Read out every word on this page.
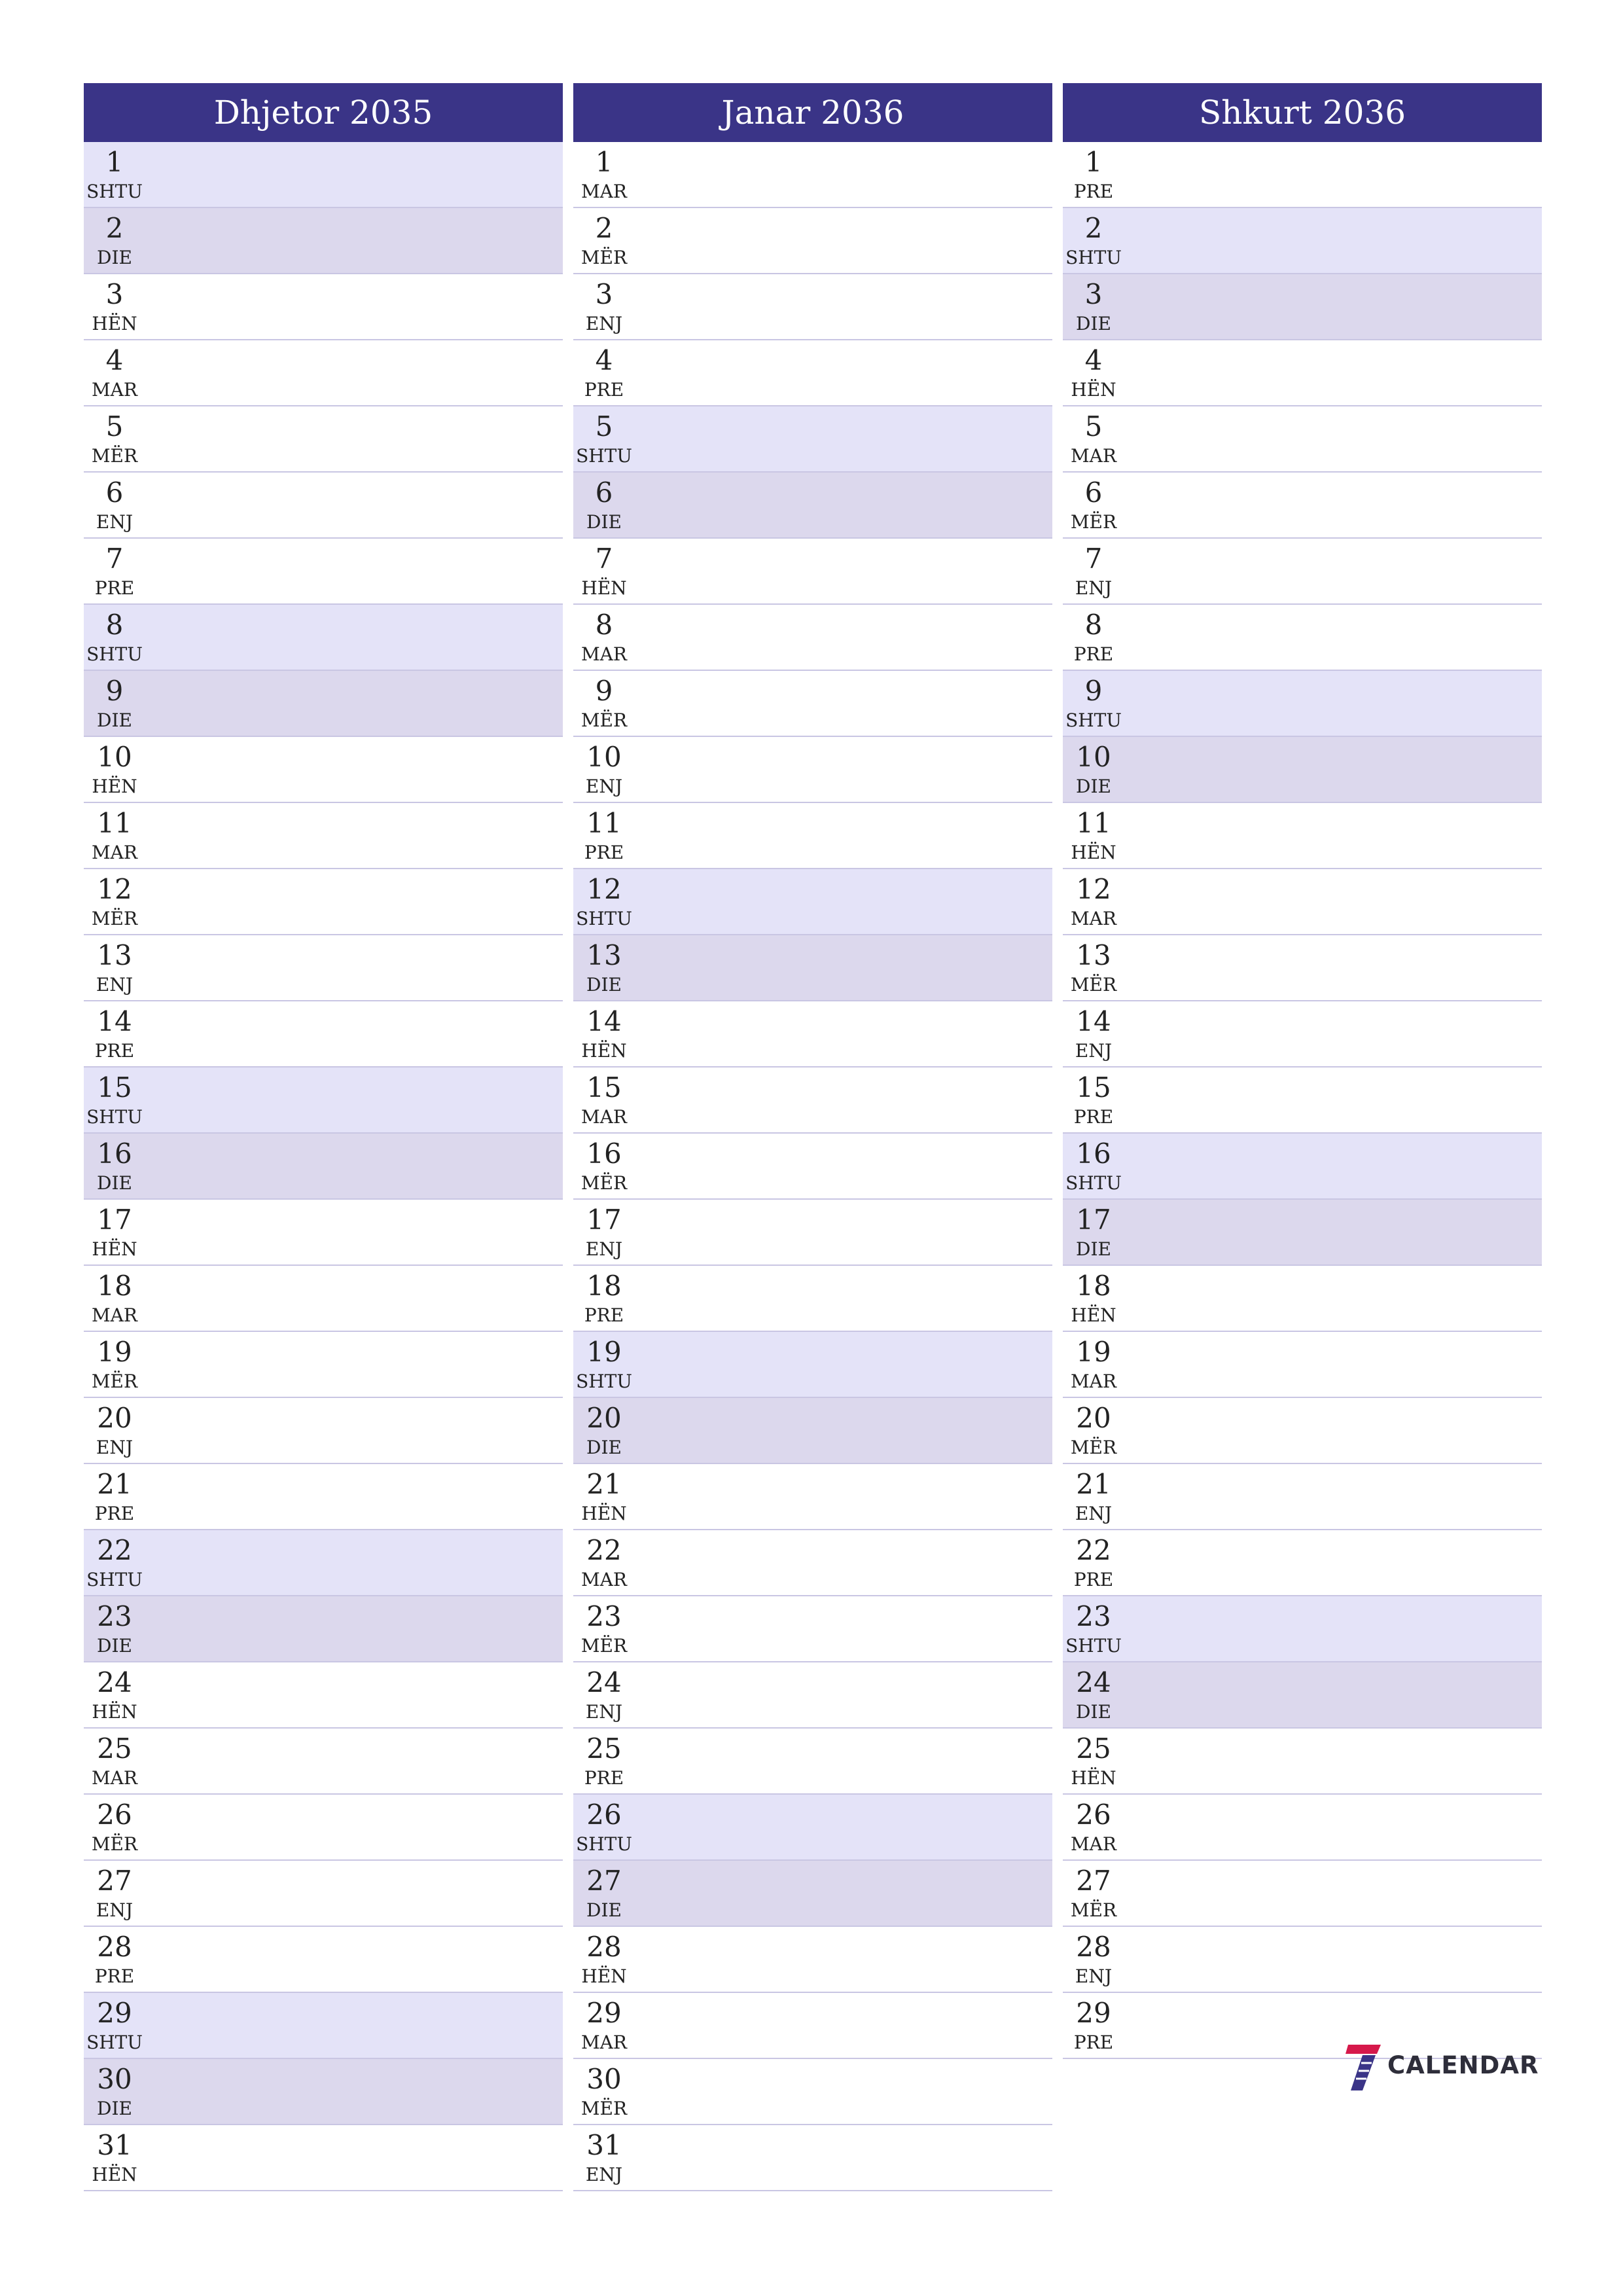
Dhjetor 2035
1
SHTU
2
DIE
3
HËN
4
MAR
5
MËR
6
ENJ
7
PRE
8
SHTU
9
DIE
10
HËN
11
MAR
12
MËR
13
ENJ
14
PRE
15
SHTU
16
DIE
17
HËN
18
MAR
19
MËR
20
ENJ
21
PRE
22
SHTU
23
DIE
24
HËN
25
MAR
26
MËR
27
ENJ
28
PRE
29
SHTU
30
DIE
31
HËN
Janar 2036
1
MAR
2
MËR
3
ENJ
4
PRE
5
SHTU
6
DIE
7
HËN
8
MAR
9
MËR
10
ENJ
11
PRE
12
SHTU
13
DIE
14
HËN
15
MAR
16
MËR
17
ENJ
18
PRE
19
SHTU
20
DIE
21
HËN
22
MAR
23
MËR
24
ENJ
25
PRE
26
SHTU
27
DIE
28
HËN
29
MAR
30
MËR
31
ENJ
Shkurt 2036
1
PRE
2
SHTU
3
DIE
4
HËN
5
MAR
6
MËR
7
ENJ
8
PRE
9
SHTU
10
DIE
11
HËN
12
MAR
13
MËR
14
ENJ
15
PRE
16
SHTU
17
DIE
18
HËN
19
MAR
20
MËR
21
ENJ
22
PRE
23
SHTU
24
DIE
25
HËN
26
MAR
27
MËR
28
ENJ
29
PRE
CALENDAR
